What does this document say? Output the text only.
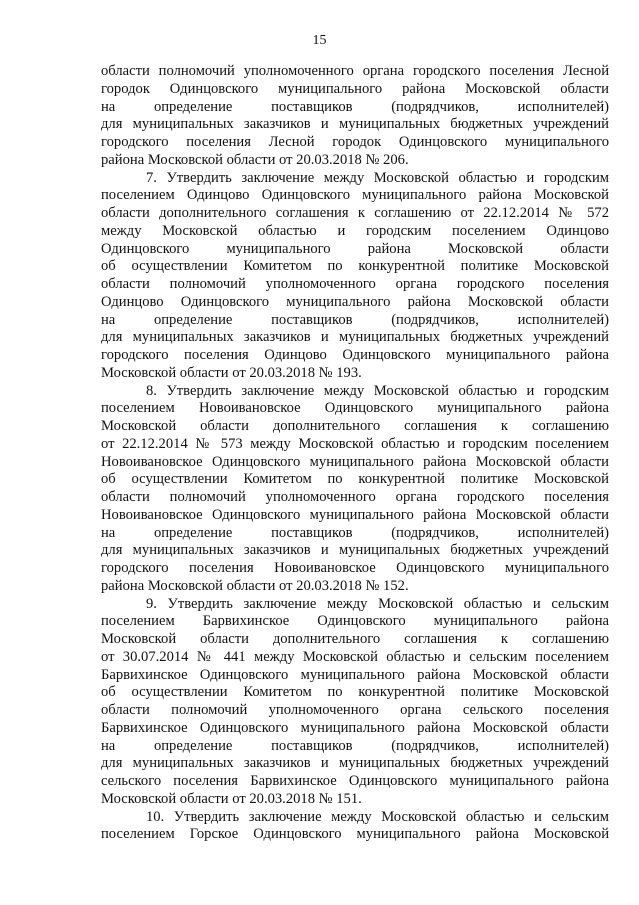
15
области полномочий уполномоченного органа городского поселения Лесной
городок Одинцовского муниципального района Московской области
на определение поставщиков (подрядчиков, исполнителей)
для муниципальных заказчиков и муниципальных бюджетных учреждений
городского поселения Лесной городок Одинцовского муниципального
района Московской области от 20.03.2018 № 206.
7. Утвердить заключение между Московской областью и городским
поселением Одинцово Одинцовского муниципального района Московской
области дополнительного соглашения к соглашению от 22.12.2014 № 572
между Московской областью и городским поселением Одинцово
Одинцовского муниципального района Московской области
об осуществлении Комитетом по конкурентной политике Московской
области полномочий уполномоченного органа городского поселения
Одинцово Одинцовского муниципального района Московской области
на определение поставщиков (подрядчиков, исполнителей)
для муниципальных заказчиков и муниципальных бюджетных учреждений
городского поселения Одинцово Одинцовского муниципального района
Московской области от 20.03.2018 № 193.
8. Утвердить заключение между Московской областью и городским
поселением Новоивановское Одинцовского муниципального района
Московской области дополнительного соглашения к соглашению
от 22.12.2014 № 573 между Московской областью и городским поселением
Новоивановское Одинцовского муниципального района Московской области
об осуществлении Комитетом по конкурентной политике Московской
области полномочий уполномоченного органа городского поселения
Новоивановское Одинцовского муниципального района Московской области
на определение поставщиков (подрядчиков, исполнителей)
для муниципальных заказчиков и муниципальных бюджетных учреждений
городского поселения Новоивановское Одинцовского муниципального
района Московской области от 20.03.2018 № 152.
9. Утвердить заключение между Московской областью и сельским
поселением Барвихинское Одинцовского муниципального района
Московской области дополнительного соглашения к соглашению
от 30.07.2014 № 441 между Московской областью и сельским поселением
Барвихинское Одинцовского муниципального района Московской области
об осуществлении Комитетом по конкурентной политике Московской
области полномочий уполномоченного органа сельского поселения
Барвихинское Одинцовского муниципального района Московской области
на определение поставщиков (подрядчиков, исполнителей)
для муниципальных заказчиков и муниципальных бюджетных учреждений
сельского поселения Барвихинское Одинцовского муниципального района
Московской области от 20.03.2018 № 151.
10. Утвердить заключение между Московской областью и сельским
поселением Горское Одинцовского муниципального района Московской
